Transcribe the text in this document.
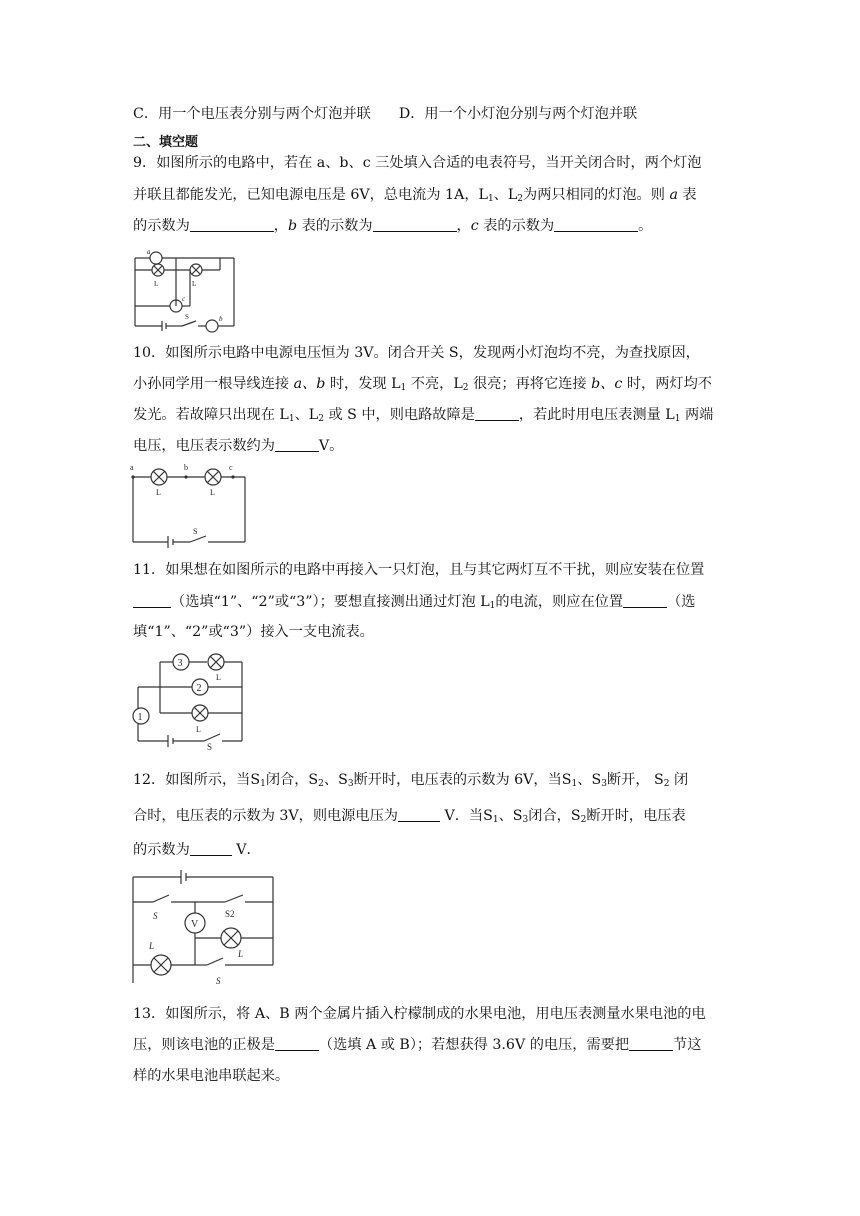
C．用一个电压表分别与两个灯泡并联 D．用一个小灯泡分别与两个灯泡并联
二、填空题
9．如图所示的电路中，若在 a、b、c 三处填入合适的电表符号，当开关闭合时，两个灯泡
并联且都能发光，已知电源电压是 6V，总电流为 1A，$L_1$、$L_2$为两只相同的灯泡。则 a 表
的示数为	，b 表的示数为	，c 表的示数为	。
a
L	L
c
S	b
10．如图所示电路中电源电压恒为 3V。闭合开关 S，发现两小灯泡均不亮，为查找原因，
小孙同学用一根导线连接 a、b 时，发现 $L_1$ 不亮，$L_2$ 很亮；再将它连接 b、c 时，两灯均不
发光。若故障只出现在 $L_1$、$L_2$ 或 S 中，则电路故障是	，若此时用电压表测量 $L_1$ 两端
电压，电压表示数约为	V。
a	b	c
L	L
S
11．如果想在如图所示的电路中再接入一只灯泡，且与其它两灯互不干扰，则应安装在位置
（选填“1”、“2”或“3”）；要想直接测出通过灯泡 $L_1$的电流，则应在位置	（选
填“1”、“2”或“3”）接入一支电流表。
3
L
2
L
1
S
12．如图所示，当$S_1$闭合，$S_2$、$S_3$断开时，电压表的示数为 6V，当$S_1$、$S_3$断开， $S_2$ 闭
合时，电压表的示数为 3V，则电源电压为	V．当$S_1$、$S_3$闭合，$S_2$断开时，电压表
的示数为	V．
S	S2
V
L
L
S
13．如图所示，将 A、B 两个金属片插入柠檬制成的水果电池，用电压表测量水果电池的电
压，则该电池的正极是	（选填 A 或 B）；若想获得 3.6V 的电压，需要把	节这
样的水果电池串联起来。
